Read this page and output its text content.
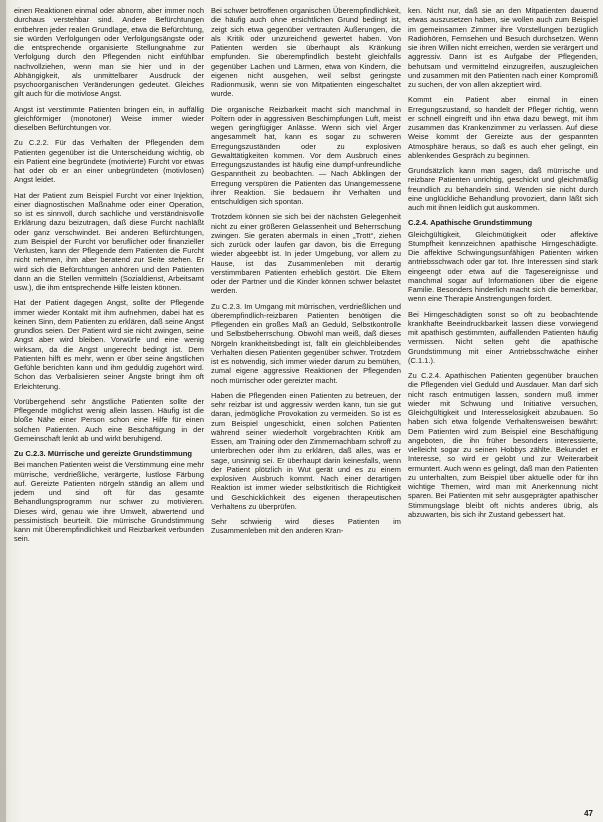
einen Reaktionen einmal oder abnorm, aber immer noch durchaus verstehbar sind. Andere Befürchtungen entbehren jeder realen Grundlage, etwa die Befürchtung, sie würden Verfolgungen oder Verfolgungsängste oder die entsprechende organisierte Stellungnahme zur Verfolgung durch den Pflegenden nicht einfühlbar nachvollziehen, wenn man sie hier und in der Abhängigkeit, als unmittelbarer Ausdruck der psychoorganischen Veränderungen gedeutet. Gleiches gilt auch für die motivlose Angst.

Angst ist verstimmte Patienten bringen ein, in auffällig gleichförmiger (monotoner) Weise immer wieder dieselben Befürchtungen vor.

Zu C.2.2. Für das Verhalten der Pflegenden dem Patienten gegenüber ist die Unterscheidung wichtig, ob ein Patient eine begründete (motivierte) Furcht vor etwas hat oder ob er an einer unbegründeten (motivlosen) Angst leidet.

Hat der Patient zum Beispiel Furcht vor einer Injektion, einer diagnostischen Maßnahme oder einer Operation, so ist es sinnvoll, durch sachliche und verständnisvolle Erklärung dazu beizutragen, daß diese Furcht nachläßt oder ganz verschwindet. Bei anderen Befürchtungen, zum Beispiel der Furcht vor beruflicher oder finanzieller Verlusten, kann der Pflegende dem Patienten die Furcht nicht nehmen, ihm aber beratend zur Seite stehen. Er wird sich die Befürchtungen anhören und den Patienten dann an die Stellen vermitteln (Sozialdienst, Arbeitsamt usw.), die ihm entsprechende Hilfe leisten können.

Hat der Patient dagegen Angst, sollte der Pflegende immer wieder Kontakt mit ihm aufnehmen, dabei hat es keinen Sinn, dem Patienten zu erklären, daß seine Angst grundlos seien. Der Patient wird sie nicht zwingen, seine Angst aber wird bleiben. Vorwürfe und eine wenig wirksam, da die Angst ungerecht bedingt ist. Dem Patienten hilft es mehr, wenn er über seine ängstlichen Gefühle berichten kann und ihm geduldig zugehört wird. Schon das Verbalisieren seiner Ängste bringt ihm oft Erleichterung.

Vorübergehend sehr ängstliche Patienten sollte der Pflegende möglichst wenig allein lassen. Häufig ist die bloße Nähe einer Person schon eine Hilfe für einen solchen Patienten. Auch eine Beschäftigung in der Gemeinschaft lenkt ab und wirkt beruhigend.

Zu C.2.3. Mürrische und gereizte Grundstimmung

Bei manchen Patienten weist die Verstimmung eine mehr mürrische, verdrießliche, verärgerte, lustlose Färbung auf. Gereizte Patienten nörgeln ständig an allem und jedem und sind oft für das gesamte Behandlungsprogramm nur schwer zu motivieren. Dieses wird, genau wie ihre Umwelt, abwertend und pessimistisch beurteilt. Die mürrische Grundstimmung kann mit Überempfindlichkeit und Reizbarkeit verbunden sein.

Bei schwer betroffenen organischen Überempfindlichkeit, die häufig auch ohne ersichtlichen Grund bedingt ist, zeigt sich etwa gegenüber vertrauten Äußerungen, die als Kritik oder unzureichend gewertet haben. Von Patienten werden sie überhaupt als Kränkung empfunden. Sie überempfindlich besteht gleichfalls gegenüber Lachen und Lärmen, etwa von Kindern, die eigenen nicht ausgehen, weil selbst geringste Radionmusik, wenn sie von Mitpatienten eingeschaltet wurde.

Die organische Reizbarkeit macht sich manchmal in Poltern oder in aggressiven Beschimpfungen Luft, meist wegen geringfügiger Anlässe. Wenn sich viel Ärger angesammelt hat, kann es sogar zu schweren Erregungszuständen oder zu explosiven Gewalttätigkeiten kommen. Vor dem Ausbruch eines Erregungszustandes ist häufig eine dumpf-unfreundliche Gespanntheit zu beobachten. — Nach Abklingen der Erregung verspüren die Patienten das Unangemessene ihrer Reaktion. Sie bedauern ihr Verhalten und entschuldigen sich spontan.

Trotzdem können sie sich bei der nächsten Gelegenheit nicht zu einer größeren Gelassenheit und Beherrschung zwingen. Sie geraten abermals in einen „Trott“, ziehen sich zurück oder laufen gar davon, bis die Erregung wieder abgeebbt ist. In jeder Umgebung, vor allem zu Hause, ist das Zusammenleben mit derartig verstimmbaren Patienten erheblich gestört. Die Eltern oder der Partner und die Kinder können schwer belastet werden.

Zu C.2.3. Im Umgang mit mürrischen, verdrießlichen und überempfindlich-reizbaren Patienten benötigen die Pflegenden ein großes Maß an Geduld, Selbstkontrolle und Selbstbeherrschung. Obwohl man weiß, daß dieses Nörgeln krankheitsbedingt ist, fällt ein gleichbleibendes Verhalten diesen Patienten gegenüber schwer. Trotzdem ist es notwendig, sich immer wieder darum zu bemühen, zumal eigene aggressive Reaktionen der Pflegenden noch mürrischer oder gereizter macht.

Haben die Pflegenden einen Patienten zu betreuen, der sehr reizbar ist und aggressiv werden kann, tun sie gut daran, jedmögliche Provokation zu vermeiden. So ist es zum Beispiel ungeschickt, einen solchen Patienten während seiner wiederholt vorgebrachten Kritik am Essen, am Training oder den Zimmernachbarn schroff zu unterbrechen oder ihm zu erklären, daß alles, was er sage, unsinnig sei. Er überhaupt darin keinesfalls, wenn der Patient plötzlich in Wut gerät und es zu einem explosiven Ausbruch kommt. Nach einer derartigen Reaktion ist immer wieder selbstkritisch die Richtigkeit und Geschicklichkeit des eigenen therapeutischen Verhaltens zu überprüfen.

Sehr schwierig wird dieses Patienten im Zusammenleben mit den anderen Kran-

ken. Nicht nur, daß sie an den Mitpatienten dauernd etwas auszusetzen haben, sie wollen auch zum Beispiel im gemeinsamen Zimmer ihre Vorstellungen bezüglich Radiohören, Fernsehen und Besuch durchsetzen. Wenn sie ihren Willen nicht erreichen, werden sie verärgert und aggressiv. Dann ist es Aufgabe der Pflegenden, behutsam und vermittelnd einzugreifen, auszugleichen und zusammen mit den Patienten nach einer Kompromiß zu suchen, der von allen akzeptiert wird.

Kommt ein Patient aber einmal in einen Erregungszustand, so handelt der Pfleger richtig, wenn er schnell eingreift und ihn etwa dazu bewegt, mit ihm zusammen das Krankenzimmer zu verlassen. Auf diese Weise kommt der Gereizte aus der gespannten Atmosphäre heraus, so daß es auch eher gelingt, ein ablenkendes Gespräch zu beginnen.

Grundsätzlich kann man sagen, daß mürrische und reizbare Patienten unrichtig, geschickt und gleichmäßig freundlich zu behandeln sind. Wenden sie nicht durch eine unglückliche Behandlung provoziert, dann läßt sich auch mit ihnen leidlich gut auskommen.

C.2.4. Apathische Grundstimmung

Gleichgültigkeit, Gleichmütigkeit oder affektive Stumpfheit kennzeichnen apathische Hirngeschädigte. Die affektive Schwingungsunfähigen Patienten wirken antriebsschwach oder gar tot. Ihre Interessen sind stark eingeengt oder etwa auf die Tagesereignisse und manchmal sogar auf Informationen über die eigene Familie. Besonders hinderlich macht sich die bemerkbar, wenn eine Therapie Anstrengungen fordert.

Bei Hirngeschädigten sonst so oft zu beobachtende krankhafte Beeindruckbarkeit lassen diese vorwiegend mit apathisch gestimmten, auffallenden Patienten häufig vermissen. Nicht selten geht die apathische Grundstimmung mit einer Antriebsschwäche einher (C.1.1.).

Zu C.2.4. Apathischen Patienten gegenüber brauchen die Pflegenden viel Geduld und Ausdauer. Man darf sich nicht rasch entmutigen lassen, sondern muß immer wieder mit Schwung und Initiative versuchen, Gleichgültigkeit und Interesselosigkeit abzubauen. So haben sich etwa folgende Verhaltensweisen bewährt: Dem Patienten wird zum Beispiel eine Beschäftigung angeboten, die ihn früher besonders interessierte, vielleicht sogar zu seinen Hobbys zählte. Bekundet er Interesse, so wird er gelobt und zur Weiterarbeit ermuntert. Auch wenn es gelingt, daß man den Patienten zu unterhalten, zum Beispiel über aktuelle oder für ihn wichtige Themen, wird man mit Anerkennung nicht sparen. Bei Patienten mit sehr ausgeprägter apathischer Stimmungslage bleibt oft nichts anderes übrig, als abzuwarten, bis sich ihr Zustand gebessert hat.

47
